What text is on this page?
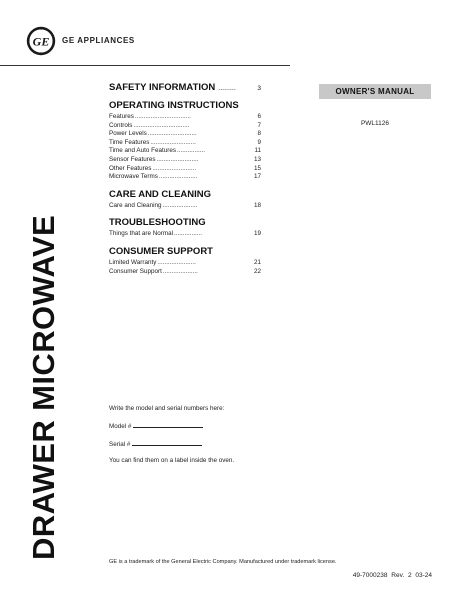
GE GE APPLIANCES
DRAWER MICROWAVE
SAFETY INFORMATION .........	3
OPERATING INSTRUCTIONS
Features ................................	6
Controls ................................	7
Power Levels ............................	8
Time Features ..........................	9
Time and Auto Features ................	11
Sensor Features ........................	13
Other Features .........................	15
Microwave Terms ......................	17
CARE AND CLEANING
Care and Cleaning ....................	18
TROUBLESHOOTING
Things that are Normal ................	19
CONSUMER SUPPORT
Limited Warranty ......................	21
Consumer Support ....................	22
OWNER'S MANUAL
PWL1126
Write the model and serial numbers here:
Model #
Serial #
You can find them on a label inside the oven.
GE is a trademark of the General Electric Company. Manufactured under trademark license.
49-7000238 Rev. 2 03-24
